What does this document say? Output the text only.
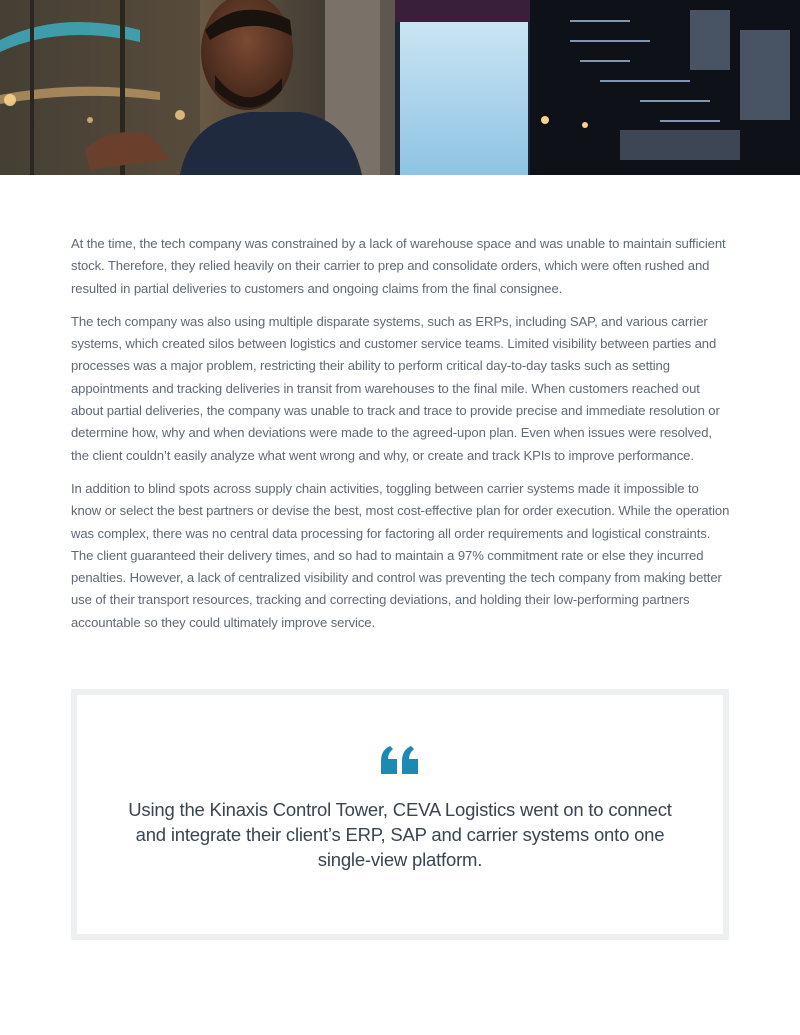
At the time, the tech company was constrained by a lack of warehouse space and was unable to maintain sufficient stock. Therefore, they relied heavily on their carrier to prep and consolidate orders, which were often rushed and resulted in partial deliveries to customers and ongoing claims from the final consignee.

The tech company was also using multiple disparate systems, such as ERPs, including SAP, and various carrier systems, which created silos between logistics and customer service teams. Limited visibility between parties and processes was a major problem, restricting their ability to perform critical day-to-day tasks such as setting appointments and tracking deliveries in transit from warehouses to the final mile. When customers reached out about partial deliveries, the company was unable to track and trace to provide precise and immediate resolution or determine how, why and when deviations were made to the agreed-upon plan. Even when issues were resolved, the client couldn’t easily analyze what went wrong and why, or create and track KPIs to improve performance.

In addition to blind spots across supply chain activities, toggling between carrier systems made it impossible to know or select the best partners or devise the best, most cost-effective plan for order execution. While the operation was complex, there was no central data processing for factoring all order requirements and logistical constraints. The client guaranteed their delivery times, and so had to maintain a 97% commitment rate or else they incurred penalties. However, a lack of centralized visibility and control was preventing the tech company from making better use of their transport resources, tracking and correcting deviations, and holding their low-performing partners accountable so they could ultimately improve service.

Using the Kinaxis Control Tower, CEVA Logistics went on to connect and integrate their client’s ERP, SAP and carrier systems onto one single-view platform.
